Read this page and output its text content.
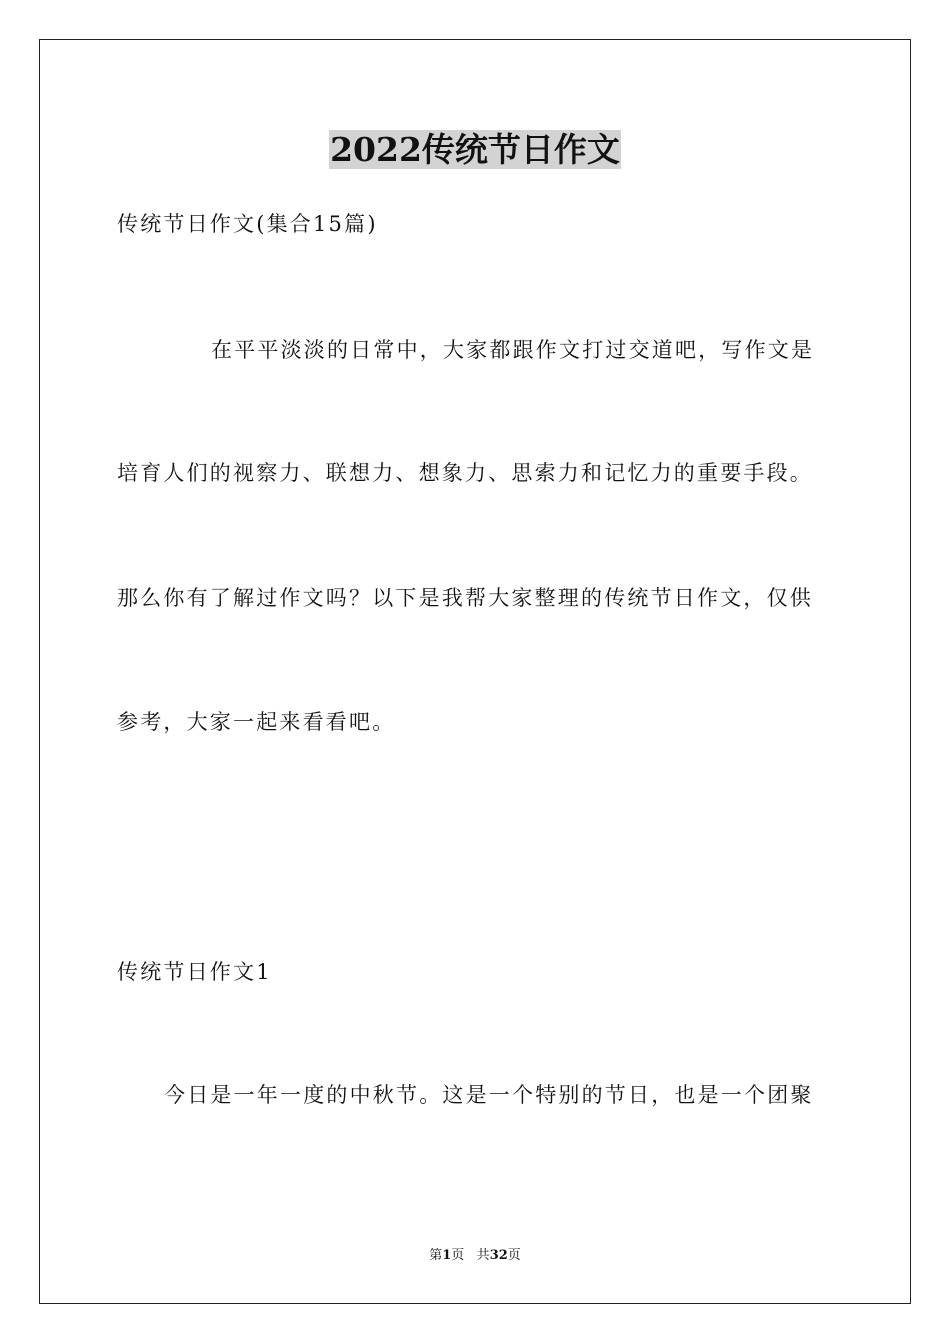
2022传统节日作文
传统节日作文(集合15篇)
在平平淡淡的日常中，大家都跟作文打过交道吧，写作文是
培育人们的视察力、联想力、想象力、思索力和记忆力的重要手段。
那么你有了解过作文吗？以下是我帮大家整理的传统节日作文，仅供
参考，大家一起来看看吧。
传统节日作文1
今日是一年一度的中秋节。这是一个特别的节日，也是一个团聚
第1页 共32页
